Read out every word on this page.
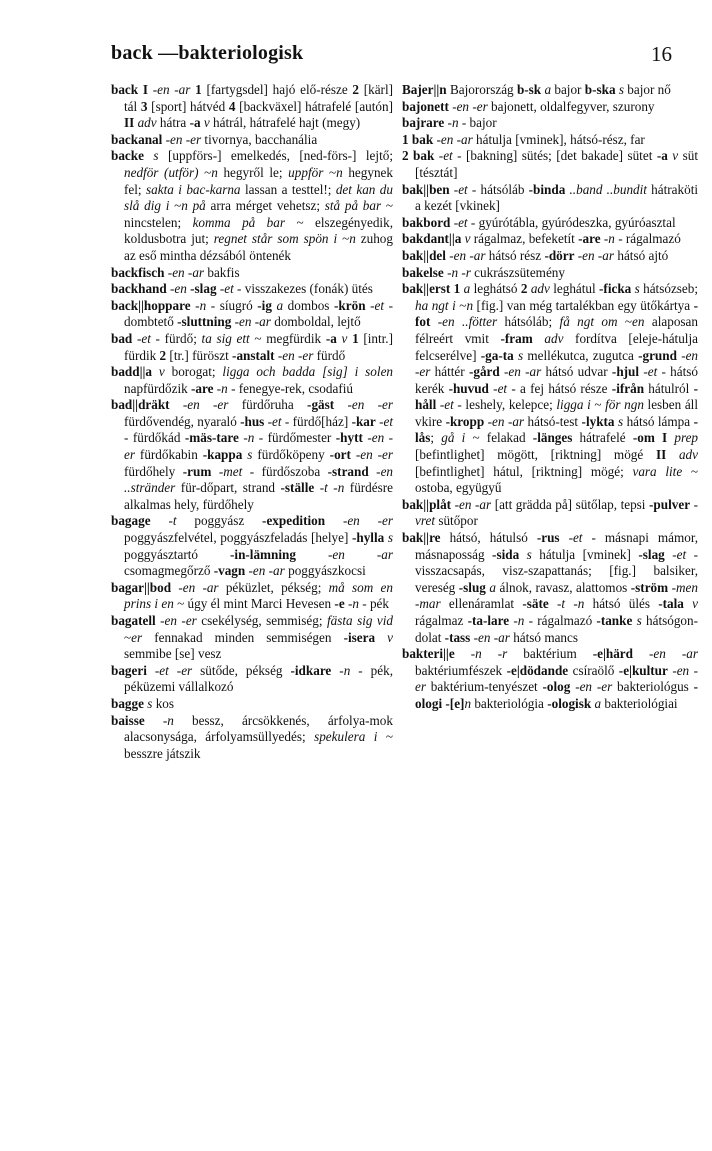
back —bakteriologisk	16

back I -en -ar 1 [fartygsdel] hajó elő-része 2 [kärl] tál 3 [sport] hátvéd 4 [backväxel] hátrafelé [autón] II adv hátra -a v hátrál, hátrafelé hajt (megy)

backanal -en -er tivornya, bacchanália

backe s [uppförs-] emelkedés, [ned-förs-] lejtő; nedför (utför) ~n hegyről le; uppför ~n hegynek fel; sakta i bac-karna lassan a testtel!; det kan du slå dig i ~n på arra mérget vehetsz; stå på bar ~ nincstelen; komma på bar ~ elszegényedik, koldusbotra jut; regnet står som spön i ~n zuhog az eső mintha dézsából öntenék

backfisch -en -ar bakfis

backhand -en -slag -et - visszakezes (fonák) ütés

back||hoppare -n - síugró -ig a dombos -krön -et - dombtető -sluttning -en -ar domboldal, lejtő

bad -et - fürdő; ta sig ett ~ megfürdik -a v 1 [intr.] fürdik 2 [tr.] füröszt -anstalt -en -er fürdő

badd||a v borogat; ligga och badda [sig] i solen napfürdőzik -are -n - fenegye-rek, csodafiú

bad||dräkt -en -er fürdőruha -gäst -en -er fürdővendég, nyaraló -hus -et - fürdő[ház] -kar -et - fürdőkád -mäs-tare -n - fürdőmester -hytt -en -er fürdőkabin -kappa s fürdőköpeny -ort -en -er fürdőhely -rum -met - fürdőszoba -strand -en ..stränder für-dőpart, strand -ställe -t -n fürdésre alkalmas hely, fürdőhely

bagage -t poggyász -expedition -en -er poggyászfelvétel, poggyászfeladás [helye] -hylla s poggyásztartó -in-lämning -en -ar csomagmegőrző -vagn -en -ar poggyászkocsi

bagar||bod -en -ar péküzlet, pékség; må som en prins i en ~ úgy él mint Marci Hevesen -e -n - pék

bagatell -en -er csekélység, semmiség; fästa sig vid ~er fennakad minden semmiségen -isera v semmibe [se] vesz

bageri -et -er sütőde, pékség -idkare -n - pék, péküzemi vállalkozó

bagge s kos

baisse -n bessz, árcsökkenés, árfolya-mok alacsonysága, árfolyamsüllyedés; spekulera i ~ besszre játszik

Bajer||n Bajorország b-sk a bajor b-ska s bajor nő

bajonett -en -er bajonett, oldalfegyver, szurony

bajrare -n - bajor

1 bak -en -ar hátulja [vminek], hátsó-rész, far

2 bak -et - [bakning] sütés; [det bakade] sütet -a v süt [tésztát]

bak||ben -et - hátsóláb -binda ..band ..bundit hátraköti a kezét [vkinek]

bakbord -et - gyúrótábla, gyúródeszka, gyúróasztal

bakdant||a v rágalmaz, befeketít -are -n - rágalmazó

bak||del -en -ar hátsó rész -dörr -en -ar hátsó ajtó

bakelse -n -r cukrászsütemény

bak||erst 1 a leghátsó 2 adv leghátul -ficka s hátsózseb; ha ngt i ~n [fig.] van még tartalékban egy ütőkártya -fot -en ..fötter hátsóláb; få ngt om ~en alaposan félreért vmit -fram adv fordítva [eleje-hátulja felcserélve] -ga-ta s mellékutca, zugutca -grund -en -er háttér -gård -en -ar hátsó udvar -hjul -et - hátsó kerék -huvud -et - a fej hátsó része -ifrån hátulról -håll -et - leshely, kelepce; ligga i ~ för ngn lesben áll vkire -kropp -en -ar hátsó-test -lykta s hátsó lámpa -lås; gå i ~ felakad -länges hátrafelé -om I prep [befintlighet] mögött, [riktning] mögé II adv [befintlighet] hátul, [riktning] mögé; vara lite ~ ostoba, együgyű

bak||plåt -en -ar [att grädda på] sütőlap, tepsi -pulver -vret sütőpor

bak||re hátsó, hátulsó -rus -et - másnapi mámor, másnaposság -sida s hátulja [vminek] -slag -et - visszacsapás, visz-szapattanás; [fig.] balsiker, vereség -slug a álnok, ravasz, alattomos -ström -men -mar ellenáramlat -säte -t -n hátsó ülés -tala v rágalmaz -ta-lare -n - rágalmazó -tanke s hátsógon-dolat -tass -en -ar hátsó mancs

bakteri||e -n -r baktérium -e|härd -en -ar baktériumfészek -e|dödande csíraölő -e|kultur -en -er baktérium-tenyészet -olog -en -er bakteriológus -ologi -[e]n bakteriológia -ologisk a bakteriológiai
